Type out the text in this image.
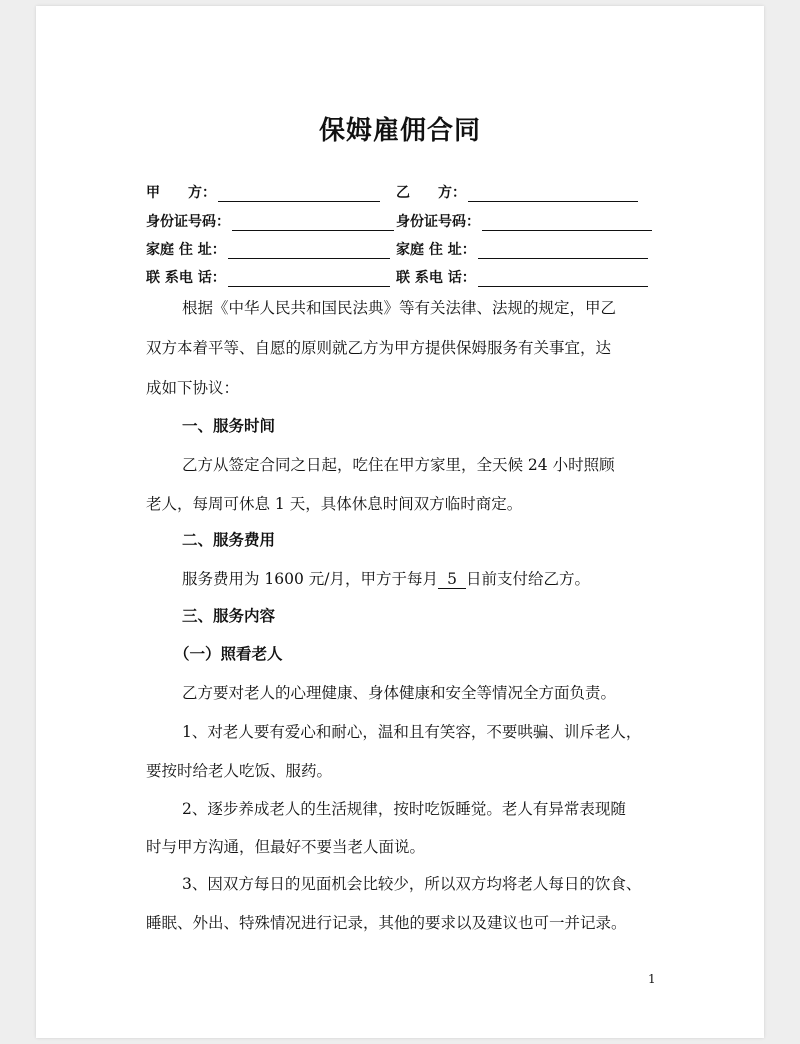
保姆雇佣合同
甲　　方：	乙　　方：
身份证号码：	身份证号码：
家庭 住 址：	家庭 住 址：
联 系电 话：	联 系电 话：
根据《中华人民共和国民法典》等有关法律、法规的规定，甲乙
双方本着平等、自愿的原则就乙方为甲方提供保姆服务有关事宜，达
成如下协议：
一、服务时间
乙方从签定合同之日起，吃住在甲方家里，全天候 24 小时照顾
老人，每周可休息 1 天，具体休息时间双方临时商定。
二、服务费用
服务费用为 1600 元/月，甲方于每月 5 日前支付给乙方。
三、服务内容
（一）照看老人
乙方要对老人的心理健康、身体健康和安全等情况全方面负责。
1、对老人要有爱心和耐心，温和且有笑容，不要哄骗、训斥老人，
要按时给老人吃饭、服药。
2、逐步养成老人的生活规律，按时吃饭睡觉。老人有异常表现随
时与甲方沟通，但最好不要当老人面说。
3、因双方每日的见面机会比较少，所以双方均将老人每日的饮食、
睡眠、外出、特殊情况进行记录，其他的要求以及建议也可一并记录。
1
